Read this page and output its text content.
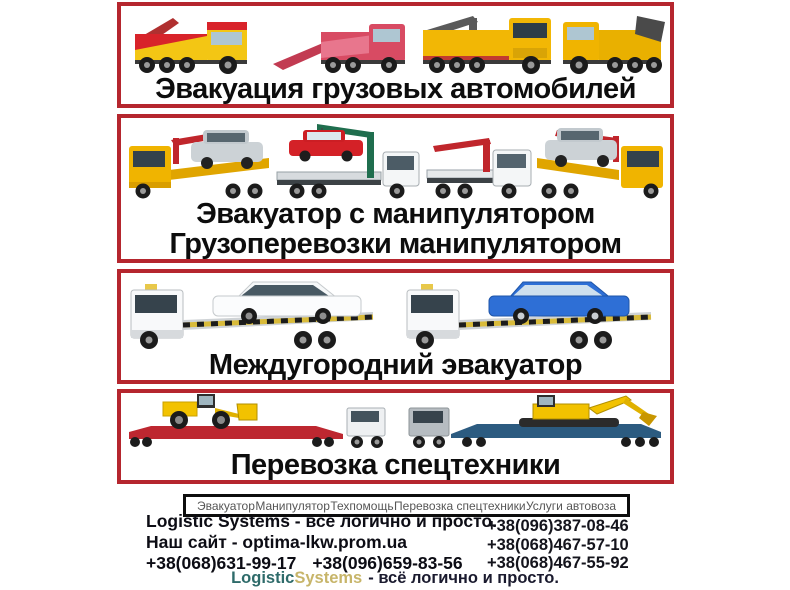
Эвакуация грузовых автомобилей
Эвакуатор с манипулятором
Грузоперевозки манипулятором
Междугородний эвакуатор
Перевозка спецтехники
Эвакуатор Манипулятор Техпомощь Перевозка спецтехники Услуги автовоза
Logistic Systems - всё логично и просто.
Наш сайт - optima-lkw.prom.ua
+38(068)631-99-17 +38(096)659-83-56
+38(096)387-08-46
+38(068)467-57-10
+38(068)467-55-92
LogisticSystems - всё логично и просто.
